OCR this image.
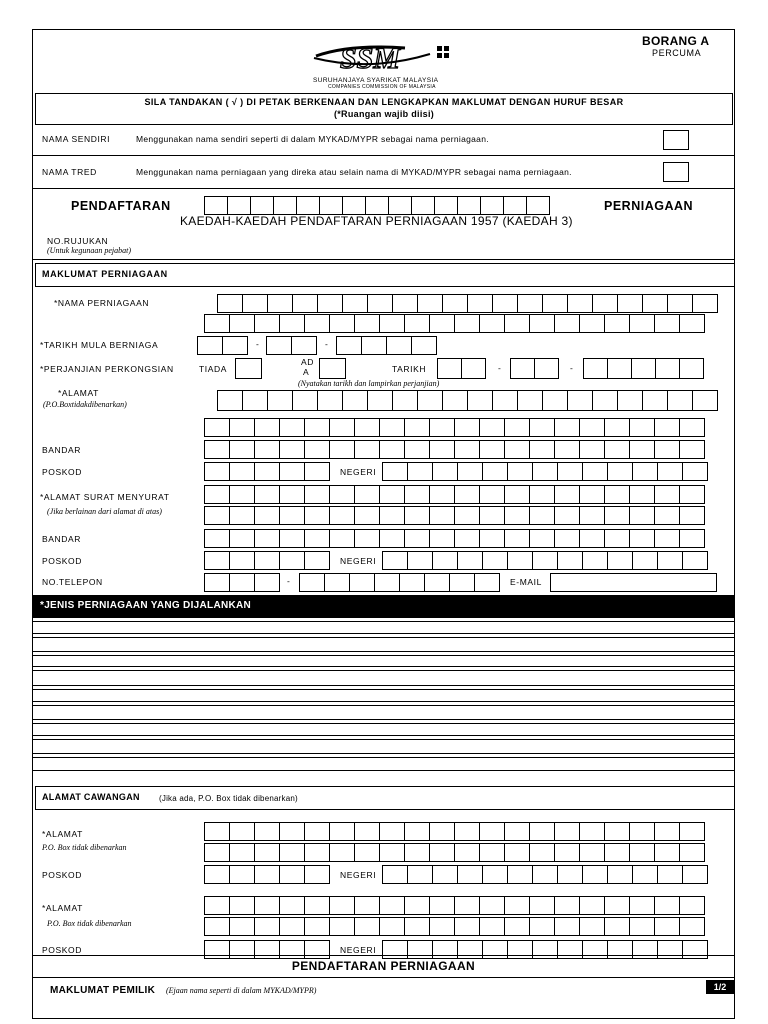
SSM
SURUHANJAYA SYARIKAT MALAYSIA
COMPANIES COMMISSION OF MALAYSIA
BORANG A
PERCUMA
SILA TANDAKAN ( √ ) DI PETAK BERKENAAN DAN LENGKAPKAN MAKLUMAT DENGAN HURUF BESAR
(*Ruangan wajib diisi)
NAMA SENDIRI	Menggunakan nama sendiri seperti di dalam MYKAD/MYPR sebagai nama perniagaan.
NAMA TRED	Menggunakan nama perniagaan yang direka atau selain nama di MYKAD/MYPR sebagai nama perniagaan.
PENDAFTARAN	PERNIAGAAN
KAEDAH-KAEDAH PENDAFTARAN PERNIAGAAN 1957 (KAEDAH 3)
NO.RUJUKAN
(Untuk kegunaan pejabat)
MAKLUMAT PERNIAGAAN
*NAMA PERNIAGAAN
*TARIKH MULA BERNIAGA	-	-
*PERJANJIAN PERKONGSIAN	TIADA
AD
A	TARIKH	-	-
(Nyatakan tarikh dan lampirkan perjanjian)
*ALAMAT
(P.O.Boxtidakdibenarkan)
BANDAR
POSKOD	NEGERI
*ALAMAT SURAT MENYURAT
(Jika berlainan dari alamat di atas)
BANDAR
POSKOD	NEGERI
NO.TELEPON	-	E-MAIL
*JENIS PERNIAGAAN YANG DIJALANKAN
ALAMAT CAWANGAN (Jika ada, P.O. Box tidak dibenarkan)
*ALAMAT
P.O. Box tidak dibenarkan
POSKOD	NEGERI
*ALAMAT
P.O. Box tidak dibenarkan
POSKOD	NEGERI
PENDAFTARAN PERNIAGAAN
MAKLUMAT PEMILIK (Ejaan nama seperti di dalam MYKAD/MYPR)	1/2
